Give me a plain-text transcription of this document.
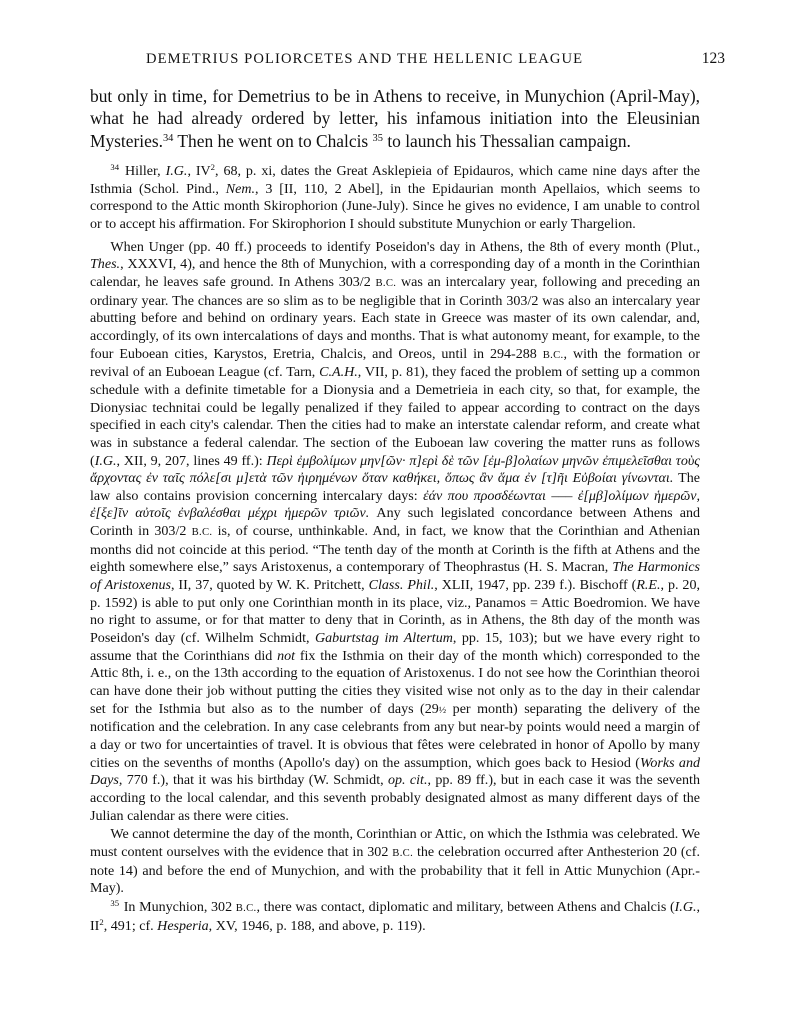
DEMETRIUS POLIORCETES AND THE HELLENIC LEAGUE	123

but only in time, for Demetrius to be in Athens to receive, in Munychion (April-May), what he had already ordered by letter, his infamous initiation into the Eleusinian Mysteries.$^{34}$ Then he went on to Chalcis $^{35}$ to launch his Thessalian campaign.

$^{34}$ Hiller, I.G., $IV^2$, 68, p. xi, dates the Great Asklepieia of Epidauros, which came nine days after the Isthmia (Schol. Pind., Nem., 3 [II, 110, 2 Abel], in the Epidaurian month Apellaios, which seems to correspond to the Attic month Skirophorion (June-July). Since he gives no evidence, I am unable to control or to accept his affirmation. For Skirophorion I should substitute Munychion or early Thargelion.

When Unger (pp. 40 ff.) proceeds to identify Poseidon's day in Athens, the 8th of every month (Plut., Thes., XXXVI, 4), and hence the 8th of Munychion, with a corresponding day of a month in the Corinthian calendar, he leaves safe ground. In Athens 303/2 B.C. was an intercalary year, following and preceding an ordinary year. The chances are so slim as to be negligible that in Corinth 303/2 was also an intercalary year abutting before and behind on ordinary years. Each state in Greece was master of its own calendar, and, accordingly, of its own intercalations of days and months. That is what autonomy meant, for example, to the four Euboean cities, Karystos, Eretria, Chalcis, and Oreos, until in 294-288 B.C., with the formation or revival of an Euboean League (cf. Tarn, C.A.H., VII, p. 81), they faced the problem of setting up a common schedule with a definite timetable for a Dionysia and a Demetrieia in each city, so that, for example, the Dionysiac technitai could be legally penalized if they failed to appear according to contract on the days specified in each city's calendar. Then the cities had to make an interstate calendar reform, and create what was in substance a federal calendar. The section of the Euboean law covering the matter runs as follows (I.G., XII, 9, 207, lines 49 ff.): Περὶ ἐμβολίμων μην[ῶν· π]ερὶ δὲ τῶν [ἐμ-β]ολαίων μηνῶν ἐπιμελεῖσθαι τοὺς ἄρχοντας ἐν ταῖς πόλε[σι μ]ετὰ τῶν ἠιρημένων ὅταν καθήκει, ὅπως ἂν ἅμα ἐν [τ]ῆι Εὐβοίαι γίνωνται. The law also contains provision concerning intercalary days: ἐάν που προσδέωνται ––– ἐ[μβ]ολίμων ἡμερῶν, ἐ[ξε]ῖν αὐτοῖς ἐνβαλέσθαι μέχρι ἡμερῶν τριῶν. Any such legislated concordance between Athens and Corinth in 303/2 B.C. is, of course, unthinkable. And, in fact, we know that the Corinthian and Athenian months did not coincide at this period. “The tenth day of the month at Corinth is the fifth at Athens and the eighth somewhere else,” says Aristoxenus, a contemporary of Theophrastus (H. S. Macran, The Harmonics of Aristoxenus, II, 37, quoted by W. K. Pritchett, Class. Phil., XLII, 1947, pp. 239 f.). Bischoff (R.E., p. 20, p. 1592) is able to put only one Corinthian month in its place, viz., Panamos = Attic Boedromion. We have no right to assume, or for that matter to deny that in Corinth, as in Athens, the 8th day of the month was Poseidon's day (cf. Wilhelm Schmidt, Gaburtstag im Altertum, pp. 15, 103); but we have every right to assume that the Corinthians did not fix the Isthmia on their day of the month which) corresponded to the Attic 8th, i. e., on the 13th according to the equation of Aristoxenus. I do not see how the Corinthian theoroi can have done their job without putting the cities they visited wise not only as to the day in their calendar set for the Isthmia but also as to the number of days (29½ per month) separating the delivery of the notification and the celebration. In any case celebrants from any but near-by points would need a margin of a day or two for uncertainties of travel. It is obvious that fêtes were celebrated in honor of Apollo by many cities on the sevenths of months (Apollo's day) on the assumption, which goes back to Hesiod (Works and Days, 770 f.), that it was his birthday (W. Schmidt, op. cit., pp. 89 ff.), but in each case it was the seventh according to the local calendar, and this seventh probably designated almost as many different days of the Julian calendar as there were cities.

We cannot determine the day of the month, Corinthian or Attic, on which the Isthmia was celebrated. We must content ourselves with the evidence that in 302 B.C. the celebration occurred after Anthesterion 20 (cf. note 14) and before the end of Munychion, and with the probability that it fell in Attic Munychion (Apr.-May).

$^{35}$ In Munychion, 302 B.C., there was contact, diplomatic and military, between Athens and Chalcis (I.G., $II^2$, 491; cf. Hesperia, XV, 1946, p. 188, and above, p. 119).
